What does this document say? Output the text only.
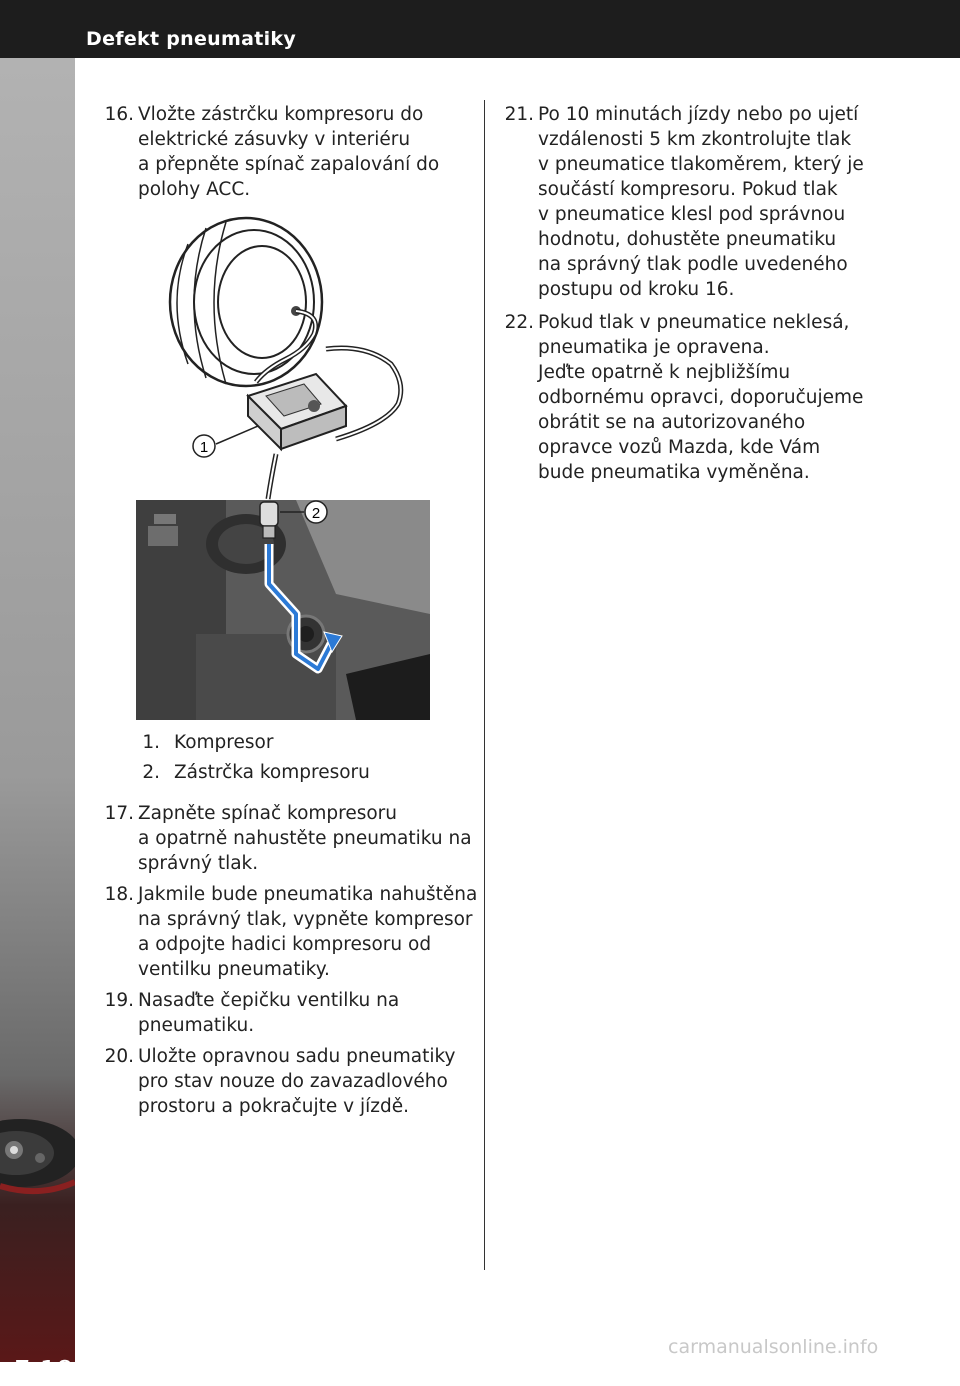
Defekt pneumatiky
7-18
16. Vložte zástrčku kompresoru do
elektrické zásuvky v interiéru
a přepněte spínač zapalování do
polohy ACC.
1
2
1. Kompresor
2. Zástrčka kompresoru
17. Zapněte spínač kompresoru
a opatrně nahustěte pneumatiku na
správný tlak.
18. Jakmile bude pneumatika nahuštěna
na správný tlak, vypněte kompresor
a odpojte hadici kompresoru od
ventilku pneumatiky.
19. Nasaďte čepičku ventilku na
pneumatiku.
20. Uložte opravnou sadu pneumatiky
pro stav nouze do zavazadlového
prostoru a pokračujte v jízdě.
21. Po 10 minutách jízdy nebo po ujetí
vzdálenosti 5 km zkontrolujte tlak
v pneumatice tlakoměrem, který je
součástí kompresoru. Pokud tlak
v pneumatice klesl pod správnou
hodnotu, dohustěte pneumatiku
na správný tlak podle uvedeného
postupu od kroku 16.
22. Pokud tlak v pneumatice neklesá,
pneumatika je opravena.
Jeďte opatrně k nejbližšímu
odbornému opravci, doporučujeme
obrátit se na autorizovaného
opravce vozů Mazda, kde Vám
bude pneumatika vyměněna.
carmanualsonline.info
